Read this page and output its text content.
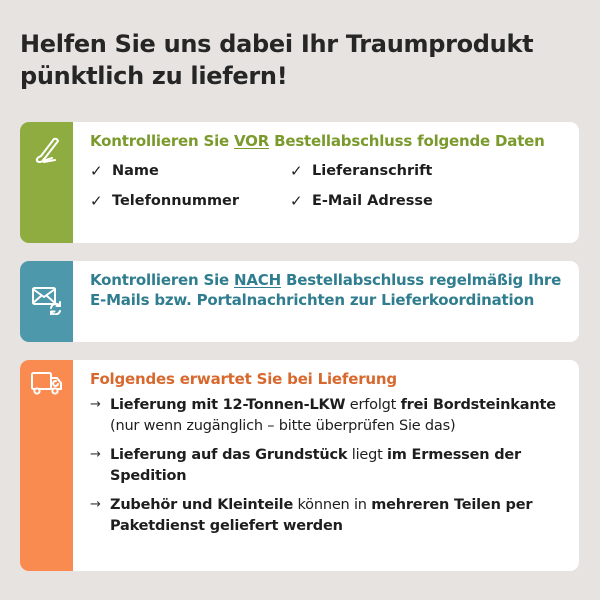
Helfen Sie uns dabei Ihr Traumprodukt
pünktlich zu liefern!
Kontrollieren Sie VOR Bestellabschluss folgende Daten
✓ Name	✓ Lieferanschrift
✓ Telefonnummer	✓ E-Mail Adresse
Kontrollieren Sie NACH Bestellabschluss regelmäßig Ihre E-Mails bzw. Portalnachrichten zur Lieferkoordination
Folgendes erwartet Sie bei Lieferung
→ Lieferung mit 12-Tonnen-LKW erfolgt frei Bordsteinkante (nur wenn zugänglich – bitte überprüfen Sie das)
→ Lieferung auf das Grundstück liegt im Ermessen der Spedition
→ Zubehör und Kleinteile können in mehreren Teilen per Paketdienst geliefert werden
